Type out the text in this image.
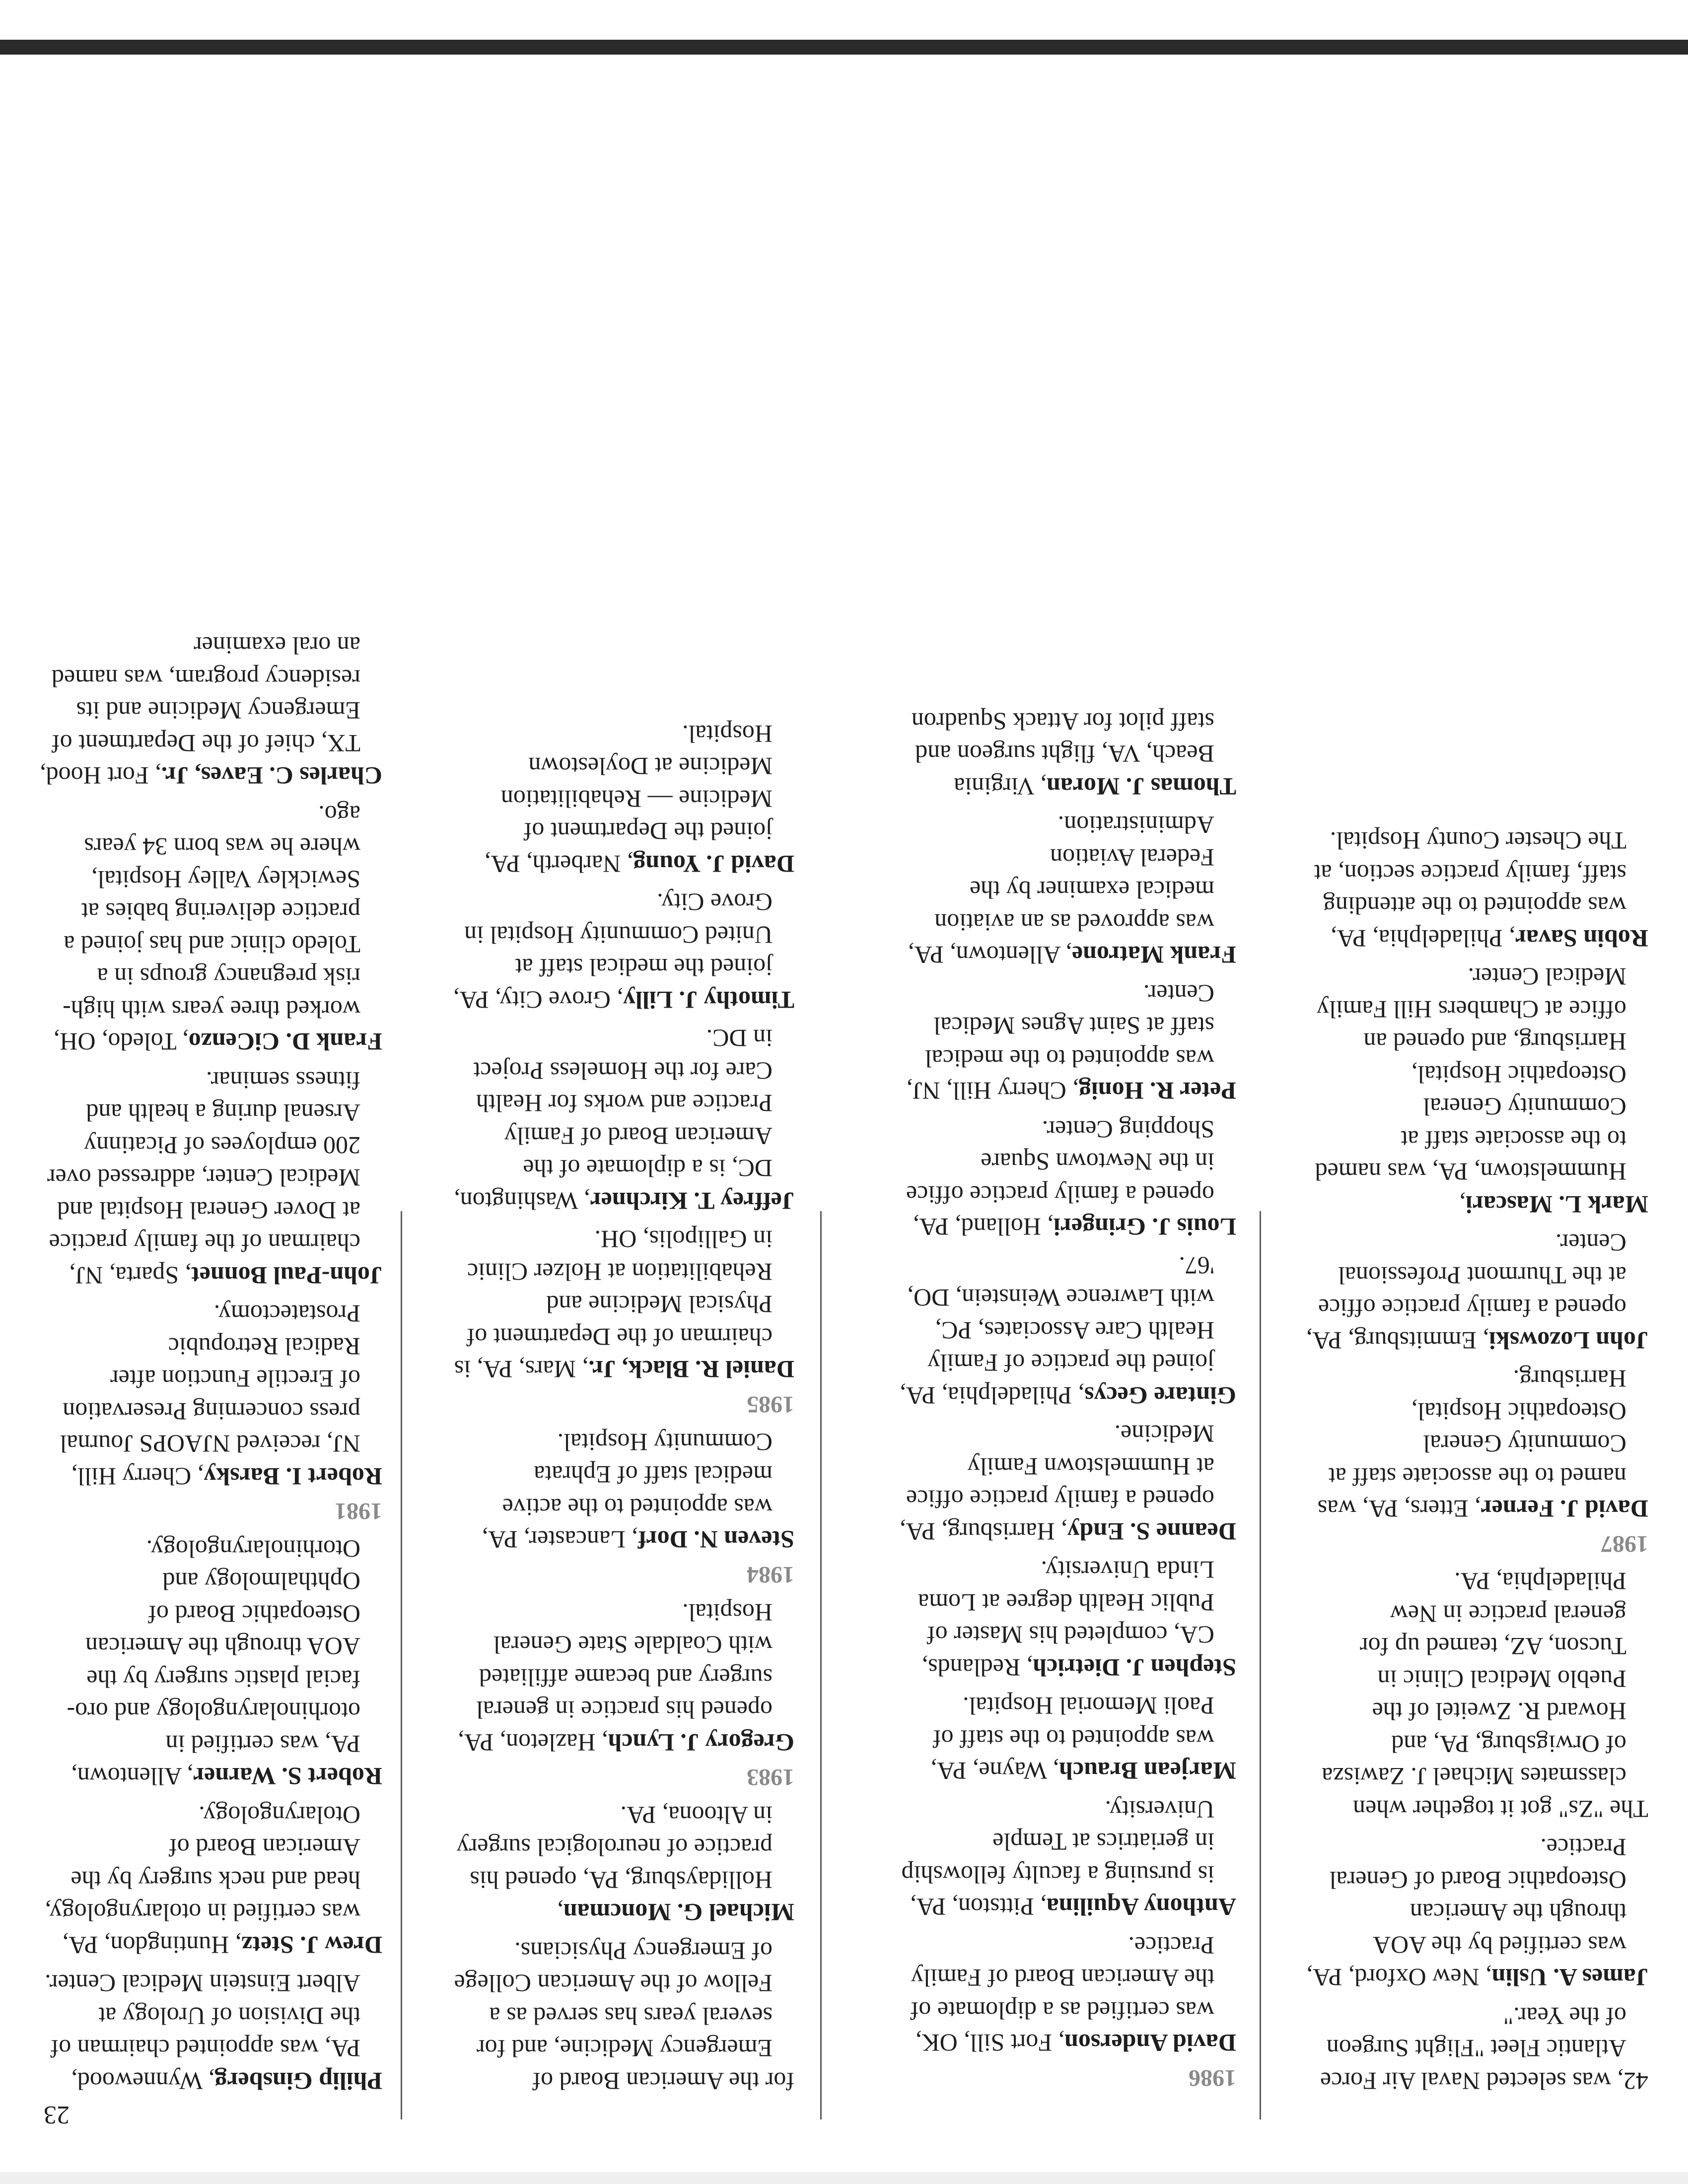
Philip Ginsberg, Wynnewood, PA, was appointed chairman of the Division of Urology at Albert Einstein Medical Center.
Drew J. Stetz, Huntingdon, PA, was certified in otolaryngology, head and neck surgery by the American Board of Otolaryngology.
Robert S. Warner, Allentown, PA, was certified in otorhinolaryngology and oro-facial plastic surgery by the AOA through the American Osteopathic Board of Ophthalmology and Otorhinolaryngology.
1981
Robert I. Barsky, Cherry Hill, NJ, received NJAOPS Journal press concerning Preservation of Erectile Function after Radical Retropubic Prostatectomy.
John-Paul Bonnet, Sparta, NJ, chairman of the family practice at Dover General Hospital and Medical Center, addressed over 200 employees of Picatinny Arsenal during a health and fitness seminar.
Frank D. CiCenzo, Toledo, OH, worked three years with high-risk pregnancy groups in a Toledo clinic and has joined a practice delivering babies at Sewickley Valley Hospital, where he was born 34 years ago.
Charles C. Eaves, Jr., Fort Hood, TX, chief of the Department of Emergency Medicine and its residency program, was named an oral examiner
for the American Board of Emergency Medicine, and for several years has served as a Fellow of the American College of Emergency Physicians.
Michael G. Moncman, Hollidaysburg, PA, opened his practice of neurological surgery in Altoona, PA.
1983
Gregory J. Lynch, Hazleton, PA, opened his practice in general surgery and became affiliated with Coaldale State General Hospital.
1984
Steven N. Dorf, Lancaster, PA, was appointed to the active medical staff of Ephrata Community Hospital.
1985
Daniel R. Black, Jr., Mars, PA, is chairman of the Department of Physical Medicine and Rehabilitation at Holzer Clinic in Gallipolis, OH.
Jeffrey T. Kirchner, Washington, DC, is a diplomate of the American Board of Family Practice and works for Health Care for the Homeless Project in DC.
Timothy J. Lilly, Grove City, PA, joined the medical staff at United Community Hospital in Grove City.
David J. Young, Narberth, PA, joined the Department of Medicine — Rehabilitation Medicine at Doylestown Hospital.
1986
David Anderson, Fort Sill, OK, was certified as a diplomate of the American Board of Family Practice.
Anthony Aquilina, Pittston, PA, is pursuing a faculty fellowship in geriatrics at Temple University.
Marjean Brauch, Wayne, PA, was appointed to the staff of Paoli Memorial Hospital.
Stephen J. Dietrich, Redlands, CA, completed his Master of Public Health degree at Loma Linda University.
Deanne S. Endy, Harrisburg, PA, opened a family practice office at Hummelstown Family Medicine.
Gintare Gecys, Philadelphia, PA, joined the practice of Family Health Care Associates, PC, with Lawrence Weinstein, DO, '67.
Louis J. Gringeri, Holland, PA, opened a family practice office in the Newtown Square Shopping Center.
Peter R. Honig, Cherry Hill, NJ, was appointed to the medical staff at Saint Agnes Medical Center.
Frank Matrone, Allentown, PA, was approved as an aviation medical examiner by the Federal Aviation Administration.
Thomas J. Moran, Virginia Beach, VA, flight surgeon and staff pilot for Attack Squadron
42, was selected Naval Air Force Atlantic Fleet "Flight Surgeon of the Year."
James A. Uslin, New Oxford, PA, was certified by the AOA through the American Osteopathic Board of General Practice.
The "Zs" got it together when classmates Michael J. Zawisza of Orwigsburg, PA, and Howard R. Zweitel of the Pueblo Medical Clinic in Tucson, AZ, teamed up for general practice in New Philadelphia, PA.
1987
David J. Ferner, Etters, PA, was named to the associate staff at Community General Osteopathic Hospital, Harrisburg.
John Lozowski, Emmitsburg, PA, opened a family practice office at the Thurmont Professional Center.
Mark L. Mascari, Hummelstown, PA, was named to the associate staff at Community General Osteopathic Hospital, Harrisburg, and opened an office at Chambers Hill Family Medical Center.
Robin Savar, Philadelphia, PA, was appointed to the attending staff, family practice section, at The Chester County Hospital.
23
